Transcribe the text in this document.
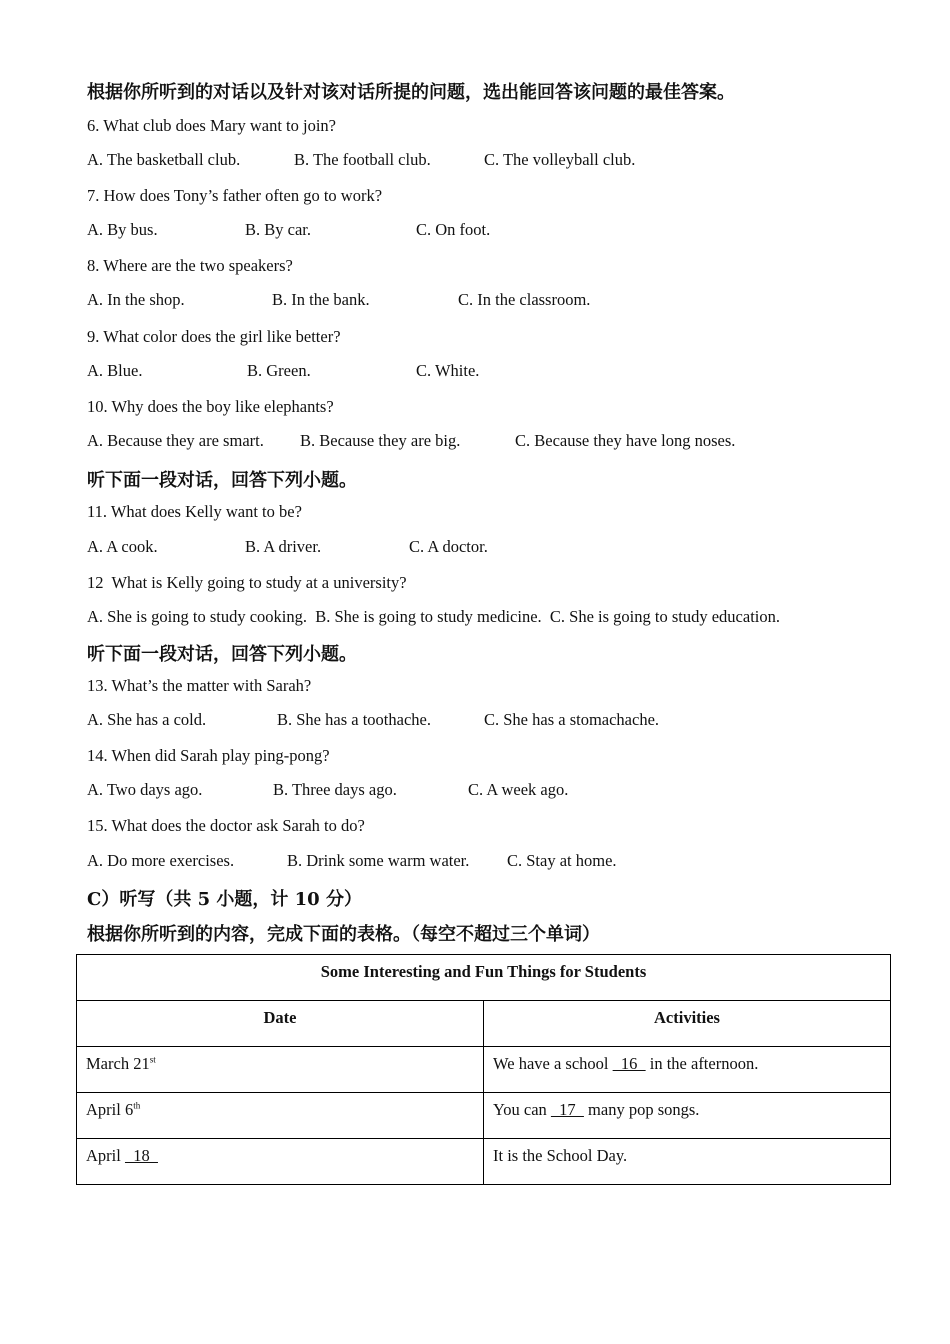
根据你所听到的对话以及针对该对话所提的问题，选出能回答该问题的最佳答案。
6. What club does Mary want to join?
A. The basketball club.	B. The football club.	C. The volleyball club.
7. How does Tony’s father often go to work?
A. By bus.	B. By car.	C. On foot.
8. Where are the two speakers?
A. In the shop.	B. In the bank.	C. In the classroom.
9. What color does the girl like better?
A. Blue.	B. Green.	C. White.
10. Why does the boy like elephants?
A. Because they are smart. B. Because they are big.	C. Because they have long noses.
听下面一段对话，回答下列小题。
11. What does Kelly want to be?
A. A cook.	B. A driver.	C. A doctor.
12  What is Kelly going to study at a university?
A. She is going to study cooking.  B. She is going to study medicine.  C. She is going to study education.
听下面一段对话，回答下列小题。
13. What’s the matter with Sarah?
A. She has a cold.	B. She has a toothache.	C. She has a stomachache.
14. When did Sarah play ping-pong?
A. Two days ago.	B. Three days ago.	C. A week ago.
15. What does the doctor ask Sarah to do?
A. Do more exercises.	B. Drink some warm water. C. Stay at home.
C）听写（共 5 小题，计 10 分）
根据你所听到的内容，完成下面的表格。（每空不超过三个单词）
Some Interesting and Fun Things for Students	
Date	Activities
March 21st	We have a school   16   in the afternoon.
April 6th	You can   17   many pop songs.
April   18	It is the School Day.
